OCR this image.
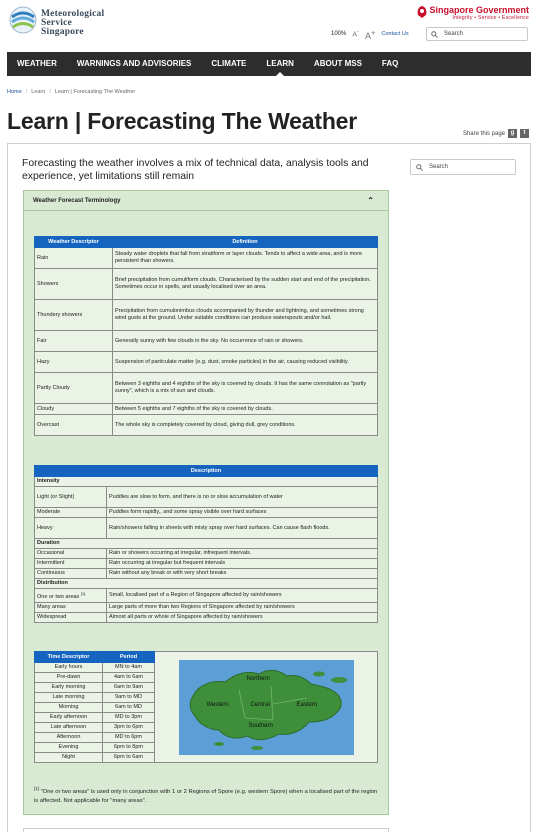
Meteorological
Service
Singapore
Singapore Government
Integrity • Service • Excellence
100% A- A+ Contact Us	Search
WEATHER	WARNINGS AND ADVISORIES	CLIMATE	LEARN	ABOUT MSS	FAQ
Home / Learn / Learn | Forecasting The Weather
Learn | Forecasting The Weather	Share this page g	t
Forecasting the weather involves a mix of technical data, analysis tools and experience, yet limitations still remain
Search
Weather Forecast Terminology	⌃
Weather Descriptor	Definition
Rain	Steady water droplets that fall from stratiform or layer clouds. Tends to affect a wide area, and is more persistent than showers.
Showers	Brief precipitation from cumuliform clouds. Characterised by the sudden start and end of the precipitation. Sometimes occur in spells, and usually localised over an area.
Thundery showers	Precipitation from cumulonimbus clouds accompanied by thunder and lightning, and sometimes strong wind gusts at the ground. Under suitable conditions can produce waterspouts and/or hail.
Fair	Generally sunny with few clouds in the sky. No occurrence of rain or showers.
Hazy	Suspension of particulate matter (e.g. dust, smoke particles) in the air, causing reduced visibility.
Partly Cloudy	Between 3 eighths and 4 eighths of the sky is covered by clouds. It has the same connotation as "partly sunny", which is a mix of sun and clouds.
Cloudy	Between 5 eighths and 7 eighths of the sky is covered by clouds.
Overcast	The whole sky is completely covered by cloud, giving dull, grey conditions.
Description	
Intensity	
Light (or Slight)	Puddles are slow to form, and there is no or slow accumulation of water
Moderate	Puddles form rapidly,, and some spray visible over hard surfaces
Heavy	Rain/showers falling in sheets with misty spray over hard surfaces. Can cause flash floods.
Duration	
Occasional	Rain or showers occurring at irregular, infrequent intervals.
Intermittent	Rain occurring at irregular but frequent intervals
Continuous	Rain without any break or with very short breaks
Distribution	
One or two areas [1]	Small, localised part of a Region of Singapore affected by rain/showers
Many areas	Large parts of more than two Regions of Singapore affected by rain/showers
Widespread	Almost all parts or whole of Singapore affected by rain/showers
Time Descriptor	Period	Northern
Western Central Eastern
Southern

Early hours	MN to 4am	
Pre-dawn	4am to 6am	
Early morning	6am to 9am	
Late morning	9am to MD	
Morning	6am to MD	
Early afternoon	MD to 3pm	
Late afternoon	3pm to 6pm	
Afternoon	MD to 6pm	
Evening	6pm to 8pm	
Night	6pm to 6am	
[1] "One or two areas" is used only in conjunction with 1 or 2 Regions of Spore (e.g. western Spore) when a localised part of the region is affected. Not applicable for "many areas".
